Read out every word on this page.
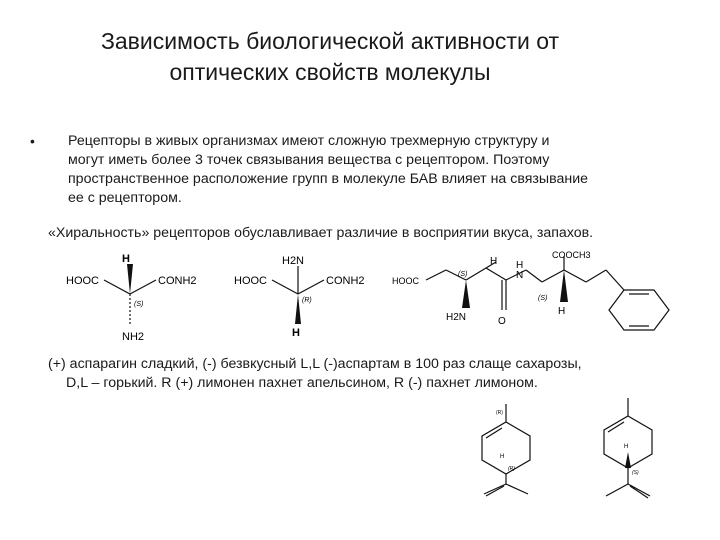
Зависимость биологической активности от
оптических свойств молекулы
• Рецепторы в живых организмах имеют сложную трехмерную структуру и
могут иметь более 3 точек связывания вещества с рецептором. Поэтому
пространственное расположение групп в молекуле БАВ влияет на связывание
ее с рецептором.
«Хиральность» рецепторов обуславливает различие в восприятии вкуса, запахов.
H
HOOC	CONH2
(S)
NH2
H2N
HOOC	CONH2
(R)
H
HOOC
H
(S)	N
H
COOCH3
(S)
H2N	O
H
(+) аспарагин сладкий, (-) безвкусный L,L (-)аспартам в 100 раз слаще сахарозы,
D,L – горький. R (+) лимонен пахнет апельсином, R (-) пахнет лимоном.
(R)
H
(R)
H
(S)
